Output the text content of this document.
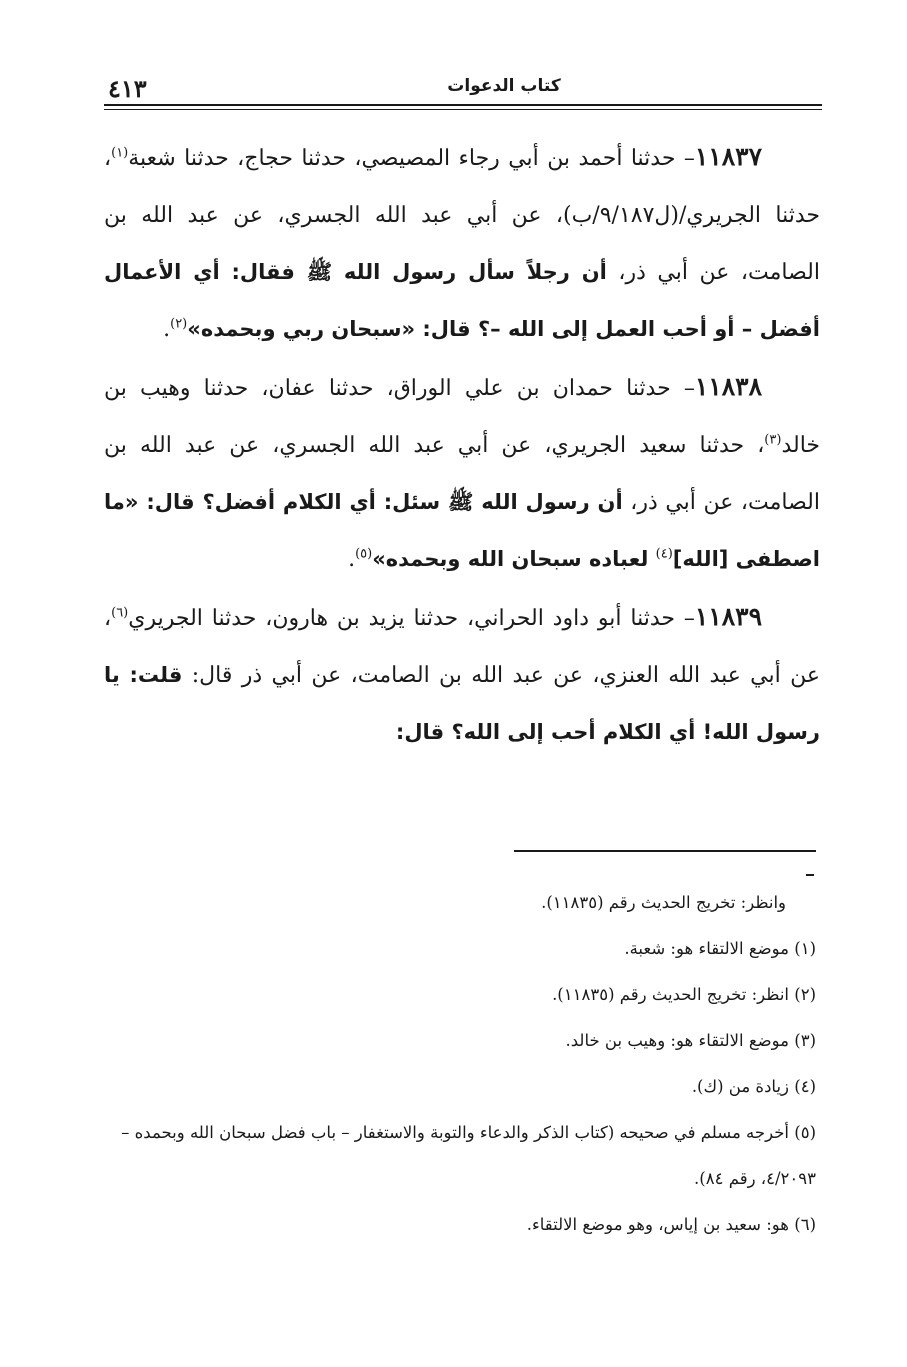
٤١٣	كتاب الدعوات

١١٨٣٧– حدثنا أحمد بن أبي رجاء المصيصي، حدثنا حجاج، حدثنا شعبة$^{(١)}$، حدثنا الجريري/(ل٩/١٨٧/ب)، عن أبي عبد الله الجسري، عن عبد الله بن الصامت، عن أبي ذر، أن رجلاً سأل رسول الله ﷺ فقال: أي الأعمال أفضل – أو أحب العمل إلى الله –؟ قال: «سبحان ربي وبحمده»$^{(٢)}$.

١١٨٣٨– حدثنا حمدان بن علي الوراق، حدثنا عفان، حدثنا وهيب بن خالد$^{(٣)}$، حدثنا سعيد الجريري، عن أبي عبد الله الجسري، عن عبد الله بن الصامت، عن أبي ذر، أن رسول الله ﷺ سئل: أي الكلام أفضل؟ قال: «ما اصطفى [الله]$^{(٤)}$ لعباده سبحان الله وبحمده»$^{(٥)}$.

١١٨٣٩– حدثنا أبو داود الحراني، حدثنا يزيد بن هارون، حدثنا الجريري$^{(٦)}$، عن أبي عبد الله العنزي، عن عبد الله بن الصامت، عن أبي ذر قال: قلت: يا رسول الله! أي الكلام أحب إلى الله؟ قال:

وانظر: تخريج الحديث رقم (١١٨٣٥).

(١) موضع الالتقاء هو: شعبة.

(٢) انظر: تخريج الحديث رقم (١١٨٣٥).

(٣) موضع الالتقاء هو: وهيب بن خالد.

(٤) زيادة من (ك).

(٥) أخرجه مسلم في صحيحه (كتاب الذكر والدعاء والتوبة والاستغفار – باب فضل سبحان الله وبحمده – ٤/٢٠٩٣، رقم ٨٤).

(٦) هو: سعيد بن إياس، وهو موضع الالتقاء.
